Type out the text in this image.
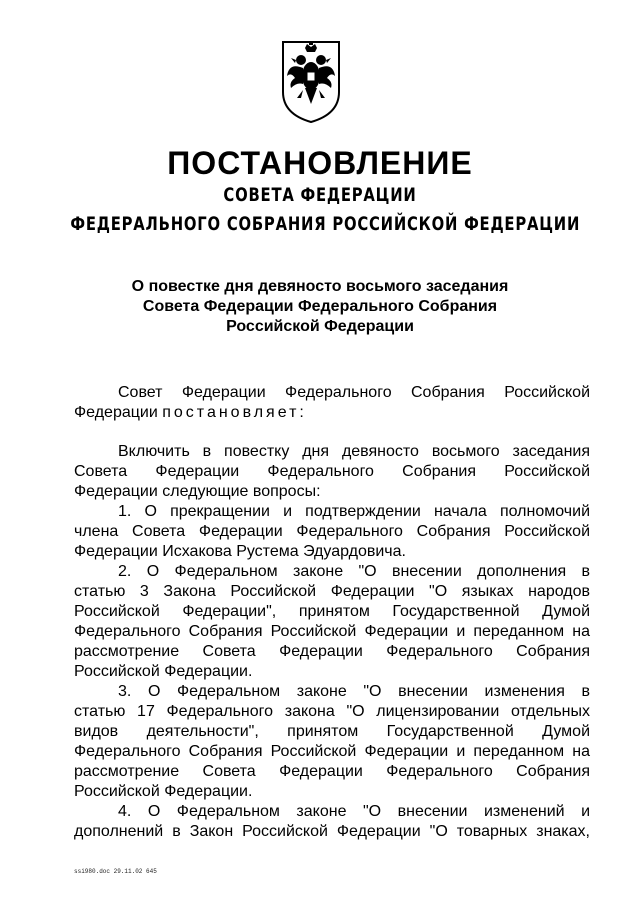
ПОСТАНОВЛЕНИЕ
СОВЕТА ФЕДЕРАЦИИ
ФЕДЕРАЛЬНОГО СОБРАНИЯ РОССИЙСКОЙ ФЕДЕРАЦИИ
О повестке дня девяносто восьмого заседания
Совета Федерации Федерального Собрания
Российской Федерации
Совет Федерации Федерального Собрания Российской
Федерации постановляет:
Включить в повестку дня девяносто восьмого заседания
Совета Федерации Федерального Собрания Российской
Федерации следующие вопросы:
1. О прекращении и подтверждении начала полномочий
члена Совета Федерации Федерального Собрания Российской
Федерации Исхакова Рустема Эдуардовича.
2. О Федеральном законе "О внесении дополнения в
статью 3 Закона Российской Федерации "О языках народов
Российской Федерации", принятом Государственной Думой
Федерального Собрания Российской Федерации и переданном на
рассмотрение Совета Федерации Федерального Собрания
Российской Федерации.
3. О Федеральном законе "О внесении изменения в
статью 17 Федерального закона "О лицензировании отдельных
видов деятельности", принятом Государственной Думой
Федерального Собрания Российской Федерации и переданном на
рассмотрение Совета Федерации Федерального Собрания
Российской Федерации.
4. О Федеральном законе "О внесении изменений и
дополнений в Закон Российской Федерации "О товарных знаках,
ssi980.doc 29.11.02 645
